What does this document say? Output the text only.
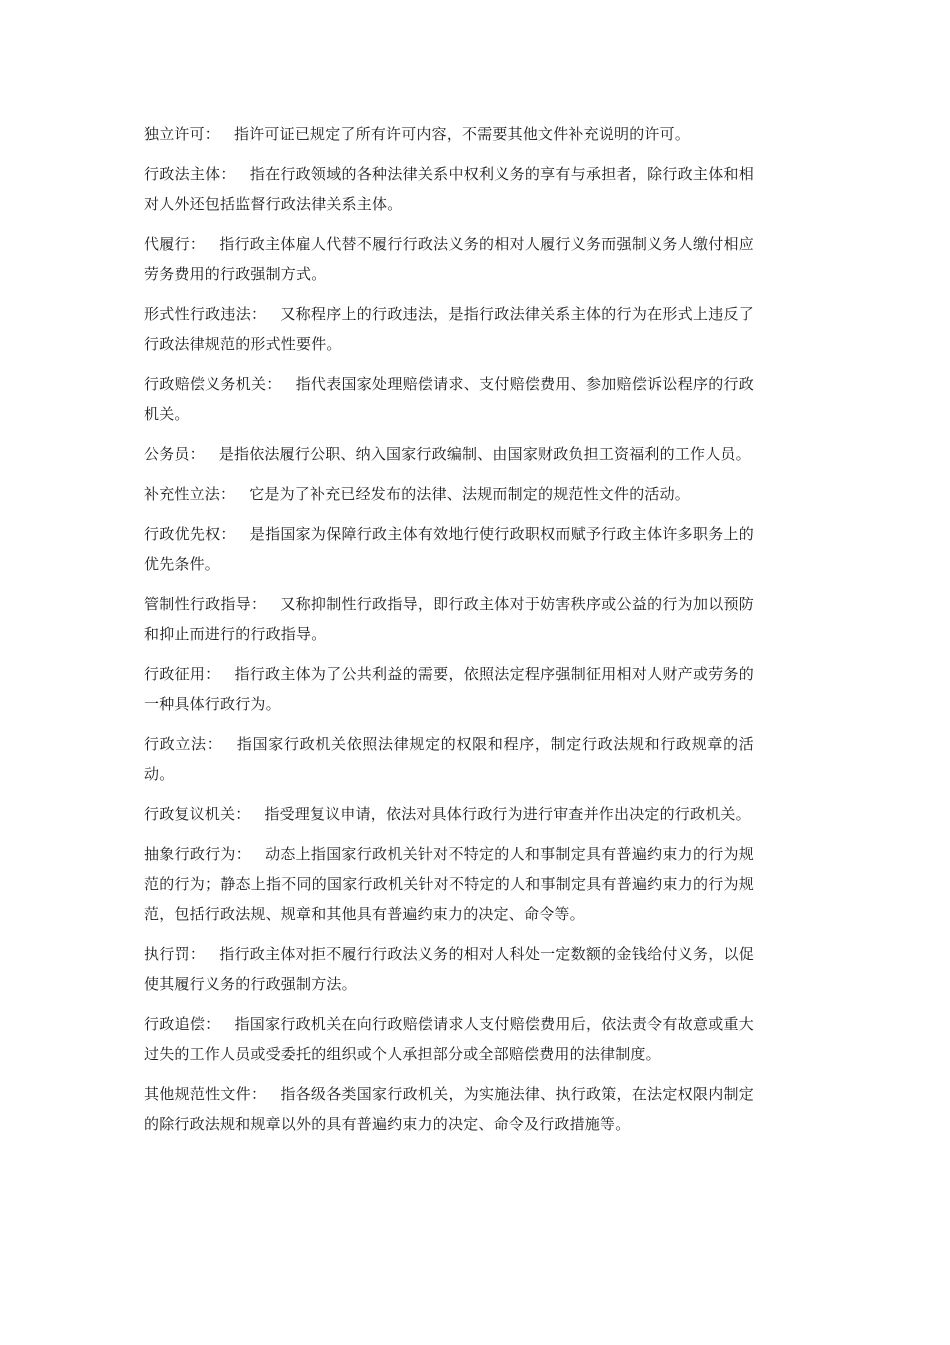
独立许可： 指许可证已规定了所有许可内容，不需要其他文件补充说明的许可。

行政法主体： 指在行政领域的各种法律关系中权利义务的享有与承担者，除行政主体和相对人外还包括监督行政法律关系主体。

代履行： 指行政主体雇人代替不履行行政法义务的相对人履行义务而强制义务人缴付相应劳务费用的行政强制方式。

形式性行政违法： 又称程序上的行政违法，是指行政法律关系主体的行为在形式上违反了行政法律规范的形式性要件。

行政赔偿义务机关： 指代表国家处理赔偿请求、支付赔偿费用、参加赔偿诉讼程序的行政机关。

公务员： 是指依法履行公职、纳入国家行政编制、由国家财政负担工资福利的工作人员。

补充性立法： 它是为了补充已经发布的法律、法规而制定的规范性文件的活动。

行政优先权： 是指国家为保障行政主体有效地行使行政职权而赋予行政主体许多职务上的优先条件。

管制性行政指导： 又称抑制性行政指导，即行政主体对于妨害秩序或公益的行为加以预防和抑止而进行的行政指导。

行政征用： 指行政主体为了公共利益的需要，依照法定程序强制征用相对人财产或劳务的一种具体行政行为。

行政立法： 指国家行政机关依照法律规定的权限和程序，制定行政法规和行政规章的活动。

行政复议机关： 指受理复议申请，依法对具体行政行为进行审查并作出决定的行政机关。

抽象行政行为： 动态上指国家行政机关针对不特定的人和事制定具有普遍约束力的行为规范的行为；静态上指不同的国家行政机关针对不特定的人和事制定具有普遍约束力的行为规范，包括行政法规、规章和其他具有普遍约束力的决定、命令等。

执行罚： 指行政主体对拒不履行行政法义务的相对人科处一定数额的金钱给付义务，以促使其履行义务的行政强制方法。

行政追偿： 指国家行政机关在向行政赔偿请求人支付赔偿费用后，依法责令有故意或重大过失的工作人员或受委托的组织或个人承担部分或全部赔偿费用的法律制度。

其他规范性文件： 指各级各类国家行政机关，为实施法律、执行政策，在法定权限内制定的除行政法规和规章以外的具有普遍约束力的决定、命令及行政措施等。
